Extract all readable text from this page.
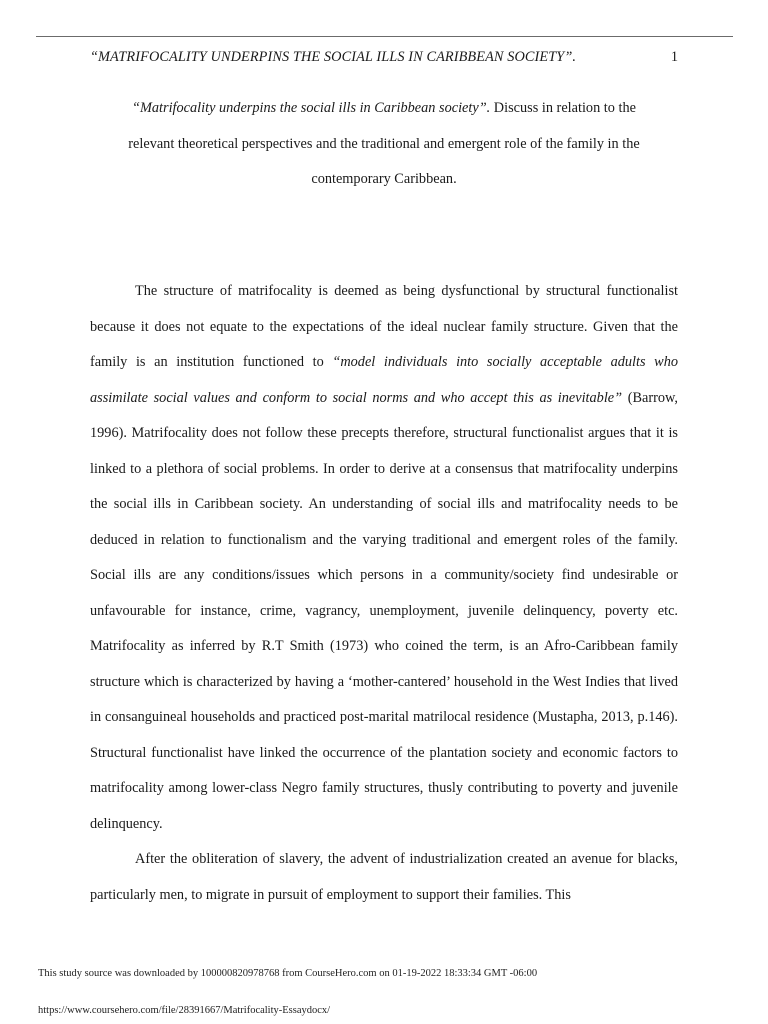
“MATRIFOCALITY UNDERPINS THE SOCIAL ILLS IN CARIBBEAN SOCIETY”.	1

“Matrifocality underpins the social ills in Caribbean society”. Discuss in relation to the

relevant theoretical perspectives and the traditional and emergent role of the family in the

contemporary Caribbean.

The structure of matrifocality is deemed as being dysfunctional by structural functionalist because it does not equate to the expectations of the ideal nuclear family structure. Given that the family is an institution functioned to “model individuals into socially acceptable adults who assimilate social values and conform to social norms and who accept this as inevitable” (Barrow, 1996). Matrifocality does not follow these precepts therefore, structural functionalist argues that it is linked to a plethora of social problems. In order to derive at a consensus that matrifocality underpins the social ills in Caribbean society. An understanding of social ills and matrifocality needs to be deduced in relation to functionalism and the varying traditional and emergent roles of the family. Social ills are any conditions/issues which persons in a community/society find undesirable or unfavourable for instance, crime, vagrancy, unemployment, juvenile delinquency, poverty etc. Matrifocality as inferred by R.T Smith (1973) who coined the term, is an Afro-Caribbean family structure which is characterized by having a ‘mother-cantered’ household in the West Indies that lived in consanguineal households and practiced post-marital matrilocal residence (Mustapha, 2013, p.146). Structural functionalist have linked the occurrence of the plantation society and economic factors to matrifocality among lower-class Negro family structures, thusly contributing to poverty and juvenile delinquency.

After the obliteration of slavery, the advent of industrialization created an avenue for blacks, particularly men, to migrate in pursuit of employment to support their families. This

This study source was downloaded by 100000820978768 from CourseHero.com on 01-19-2022 18:33:34 GMT -06:00
https://www.coursehero.com/file/28391667/Matrifocality-Essaydocx/
